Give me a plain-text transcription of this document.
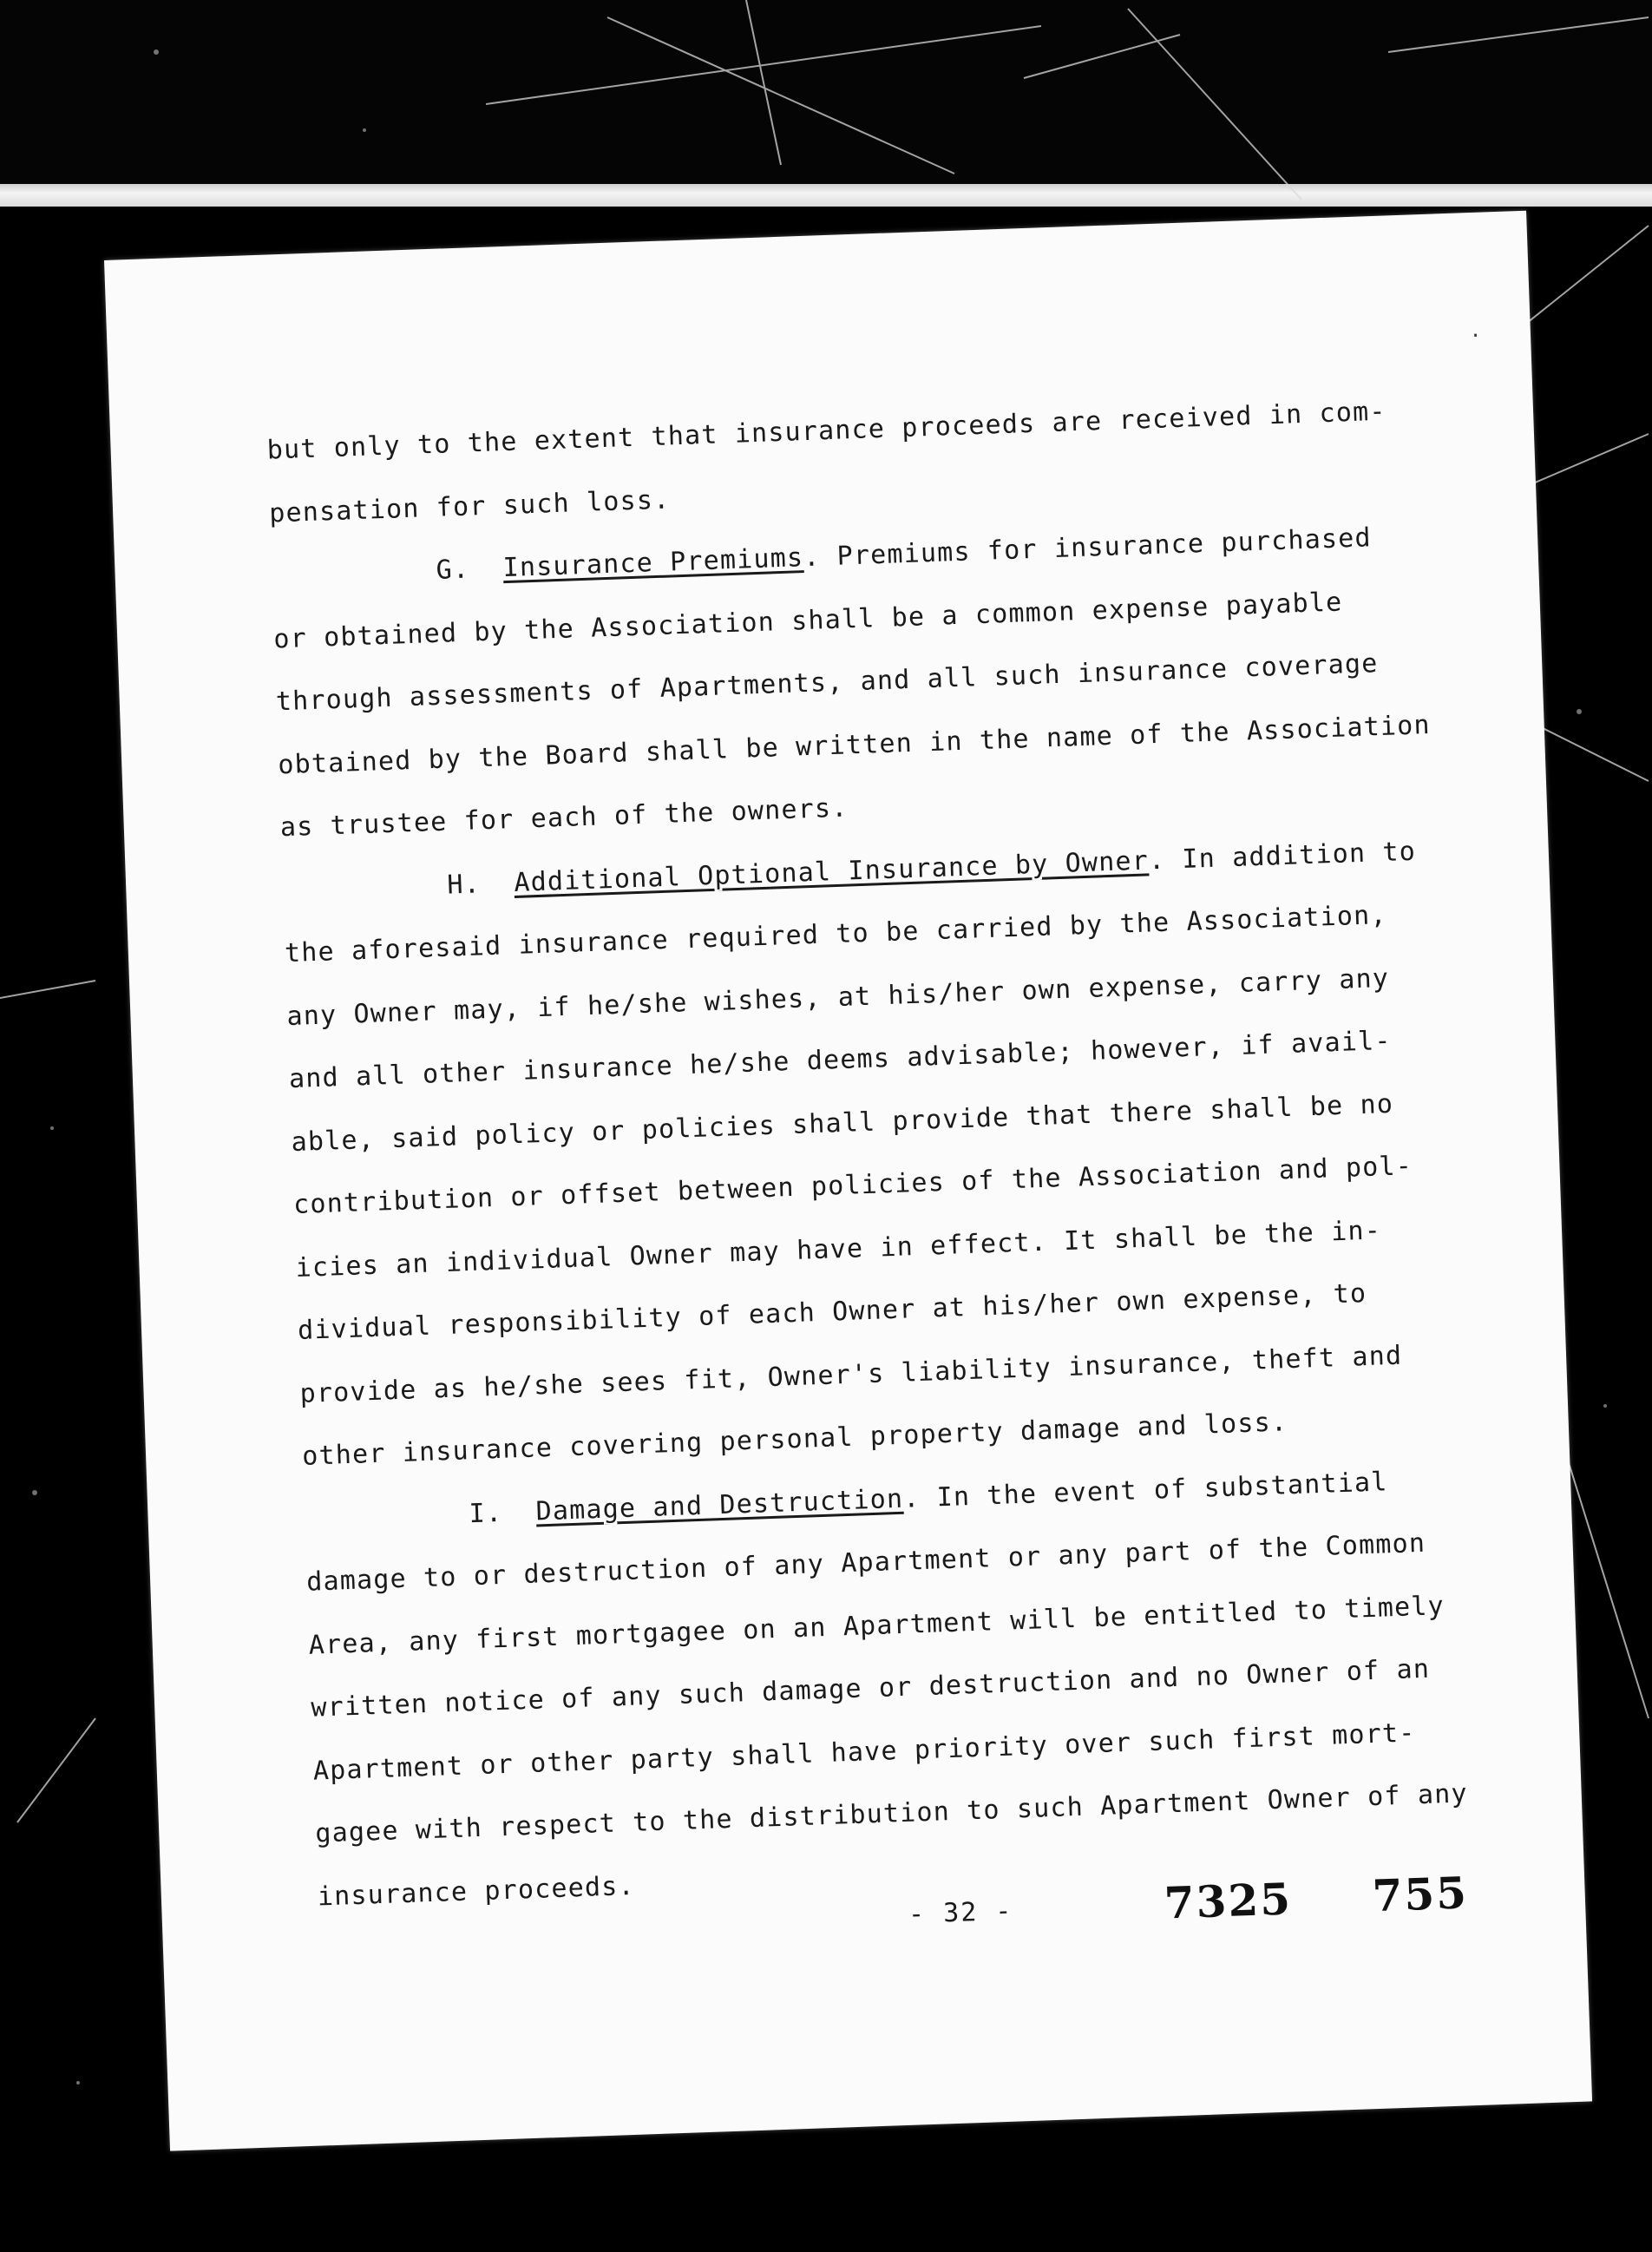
·
but only to the extent that insurance proceeds are received in com-
pensation for such loss.
G. Insurance Premiums. Premiums for insurance purchased
or obtained by the Association shall be a common expense payable
through assessments of Apartments, and all such insurance coverage
obtained by the Board shall be written in the name of the Association
as trustee for each of the owners.
H. Additional Optional Insurance by Owner. In addition to
the aforesaid insurance required to be carried by the Association,
any Owner may, if he/she wishes, at his/her own expense, carry any
and all other insurance he/she deems advisable; however, if avail-
able, said policy or policies shall provide that there shall be no
contribution or offset between policies of the Association and pol-
icies an individual Owner may have in effect. It shall be the in-
dividual responsibility of each Owner at his/her own expense, to
provide as he/she sees fit, Owner's liability insurance, theft and
other insurance covering personal property damage and loss.
I. Damage and Destruction. In the event of substantial
damage to or destruction of any Apartment or any part of the Common
Area, any first mortgagee on an Apartment will be entitled to timely
written notice of any such damage or destruction and no Owner of an
Apartment or other party shall have priority over such first mort-
gagee with respect to the distribution to such Apartment Owner of any
insurance proceeds.
- 32 -	7325 755
